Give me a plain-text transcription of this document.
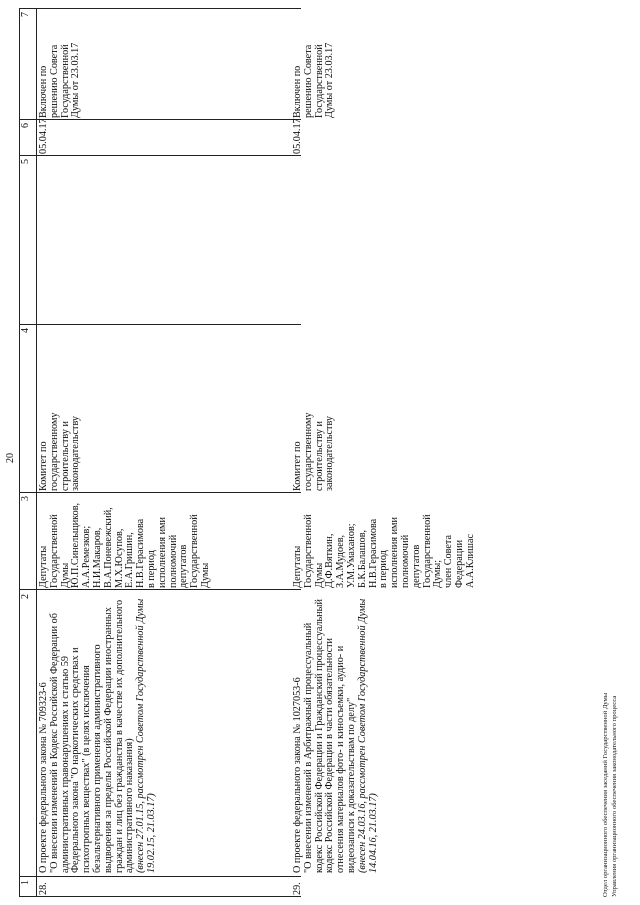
20
1
2
3
4
5
6
7
28.
О проекте федерального закона № 709323-6 "О внесении изменений в Кодекс Российской Федерации об административных правонарушениях и статью 59 Федерального закона "О наркотических средствах и психотропных веществах" (в целях исключения безальтернативного применения административного выдворения за пределы Российской Федерации иностранных граждан и лиц без гражданства в качестве их дополнительного административного наказания) (внесен 27.01.15, рассмотрен Советом Государственной Думы 19.02.15, 21.03.17)
Депутаты
Государственной
Думы
Ю.П.Синельщиков,
А.А.Ремезков;
Н.И.Макаров,
В.А.Поневежский,
М.Х.Юсупов,
Е.А.Гришин,
Н.В.Герасимова
в период
исполнения ими
полномочий
депутатов
Государственной
Думы
Комитет по
государственному
строительству и
законодательству
05.04.17
Включен по
решению Совета
Государственной
Думы от 23.03.17
29.
О проекте федерального закона № 1027053-6 "О внесении изменений в Арбитражный процессуальный кодекс Российской Федерации и Гражданский процессуальный кодекс Российской Федерации в части обязательности отнесения материалов фото- и киносъемки, аудио- и видеозаписи к доказательствам по делу" (внесен 24.03.16, рассмотрен Советом Государственной Думы 14.04.16, 21.03.17)
Депутаты
Государственной
Думы
Д.Ф.Вяткин,
З.А.Мудоев,
У.М.Умаханов;
Б.К.Балашов,
Н.В.Герасимова
в период
исполнения ими
полномочий
депутатов
Государственной
Думы;
член Совета
Федерации
А.А.Клишас
Комитет по
государственному
строительству и
законодательству
05.04.17
Включен по
решению Совета
Государственной
Думы от 23.03.17
Отдел организационного обеспечения заседаний Государственной Думы Управления организационного обеспечения законодательного процесса
